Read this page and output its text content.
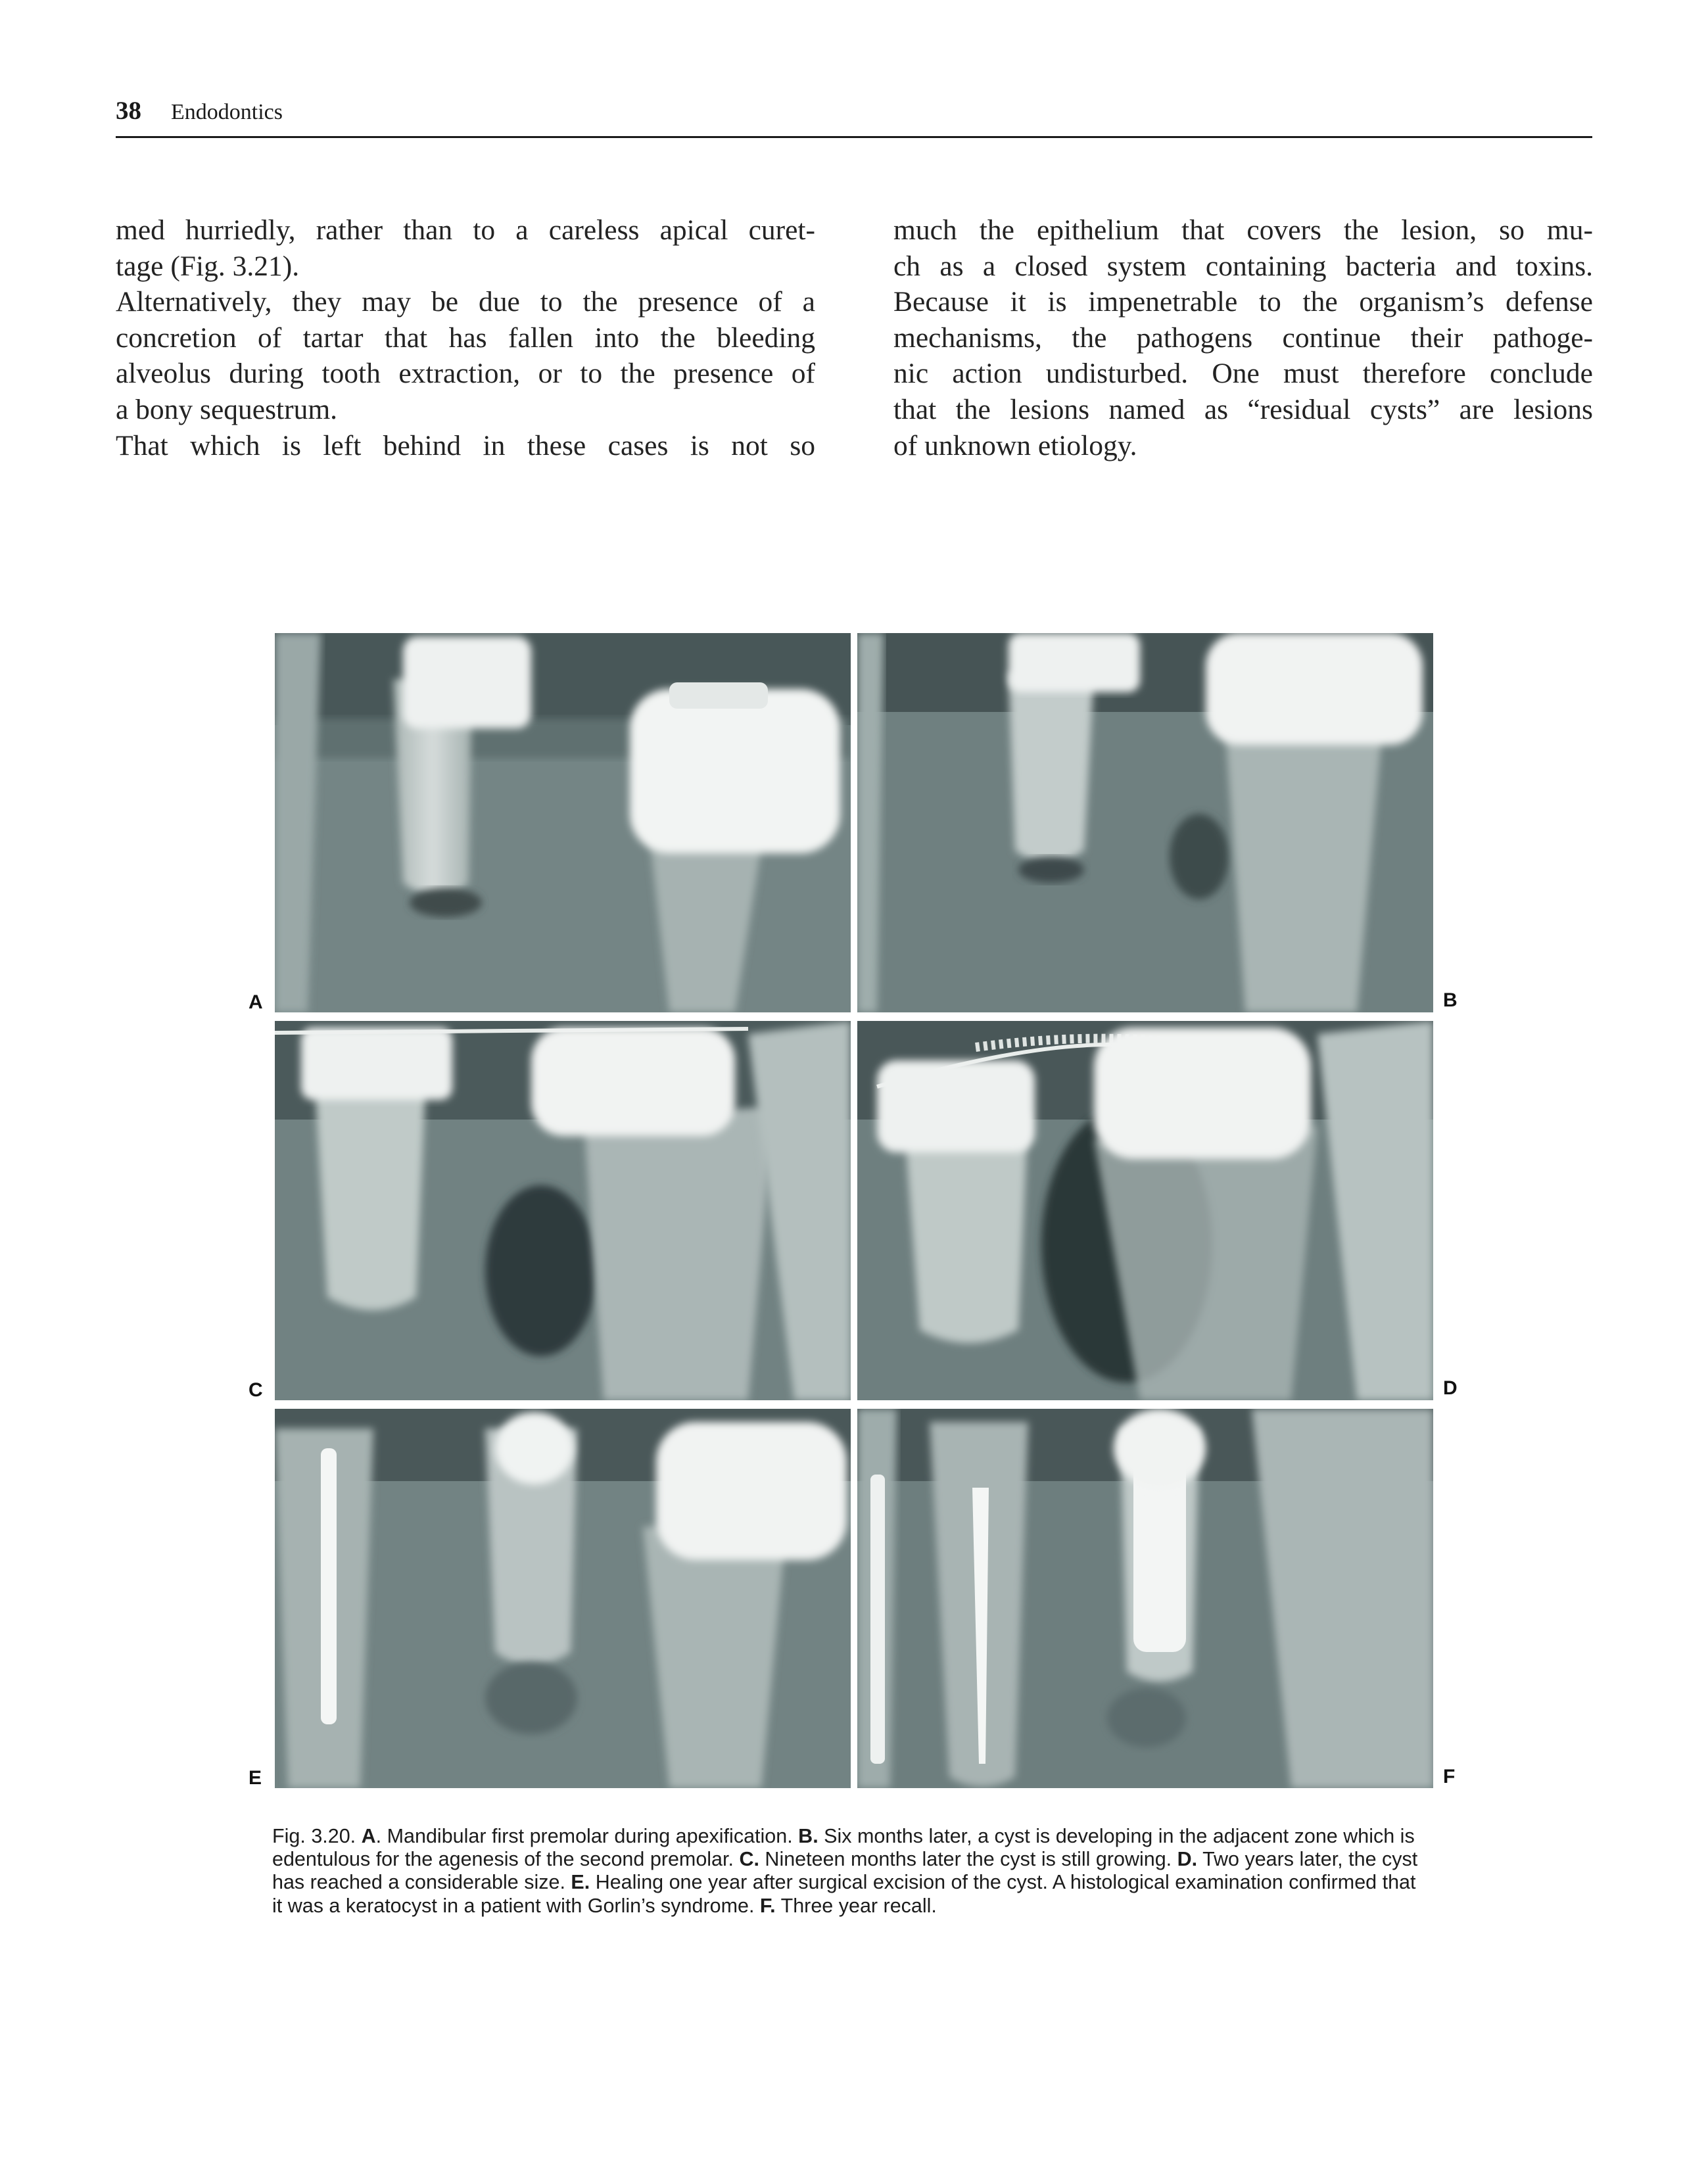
38 Endodontics
med hurriedly, rather than to a careless apical curet-
tage (Fig. 3.21).
Alternatively, they may be due to the presence of a
concretion of tartar that has fallen into the bleeding
alveolus during tooth extraction, or to the presence of
a bony sequestrum.
That which is left behind in these cases is not so
much the epithelium that covers the lesion, so mu-
ch as a closed system containing bacteria and toxins.
Because it is impenetrable to the organism’s defense
mechanisms, the pathogens continue their pathoge-
nic action undisturbed. One must therefore conclude
that the lesions named as “residual cysts” are lesions
of unknown etiology.
A	B
C	D
E	F
Fig. 3.20. A. Mandibular first premolar during apexification. B. Six months later, a cyst is developing in the adjacent zone which is
edentulous for the agenesis of the second premolar. C. Nineteen months later the cyst is still growing. D. Two years later, the cyst
has reached a considerable size. E. Healing one year after surgical excision of the cyst. A histological examination confirmed that
it was a keratocyst in a patient with Gorlin’s syndrome. F. Three year recall.
